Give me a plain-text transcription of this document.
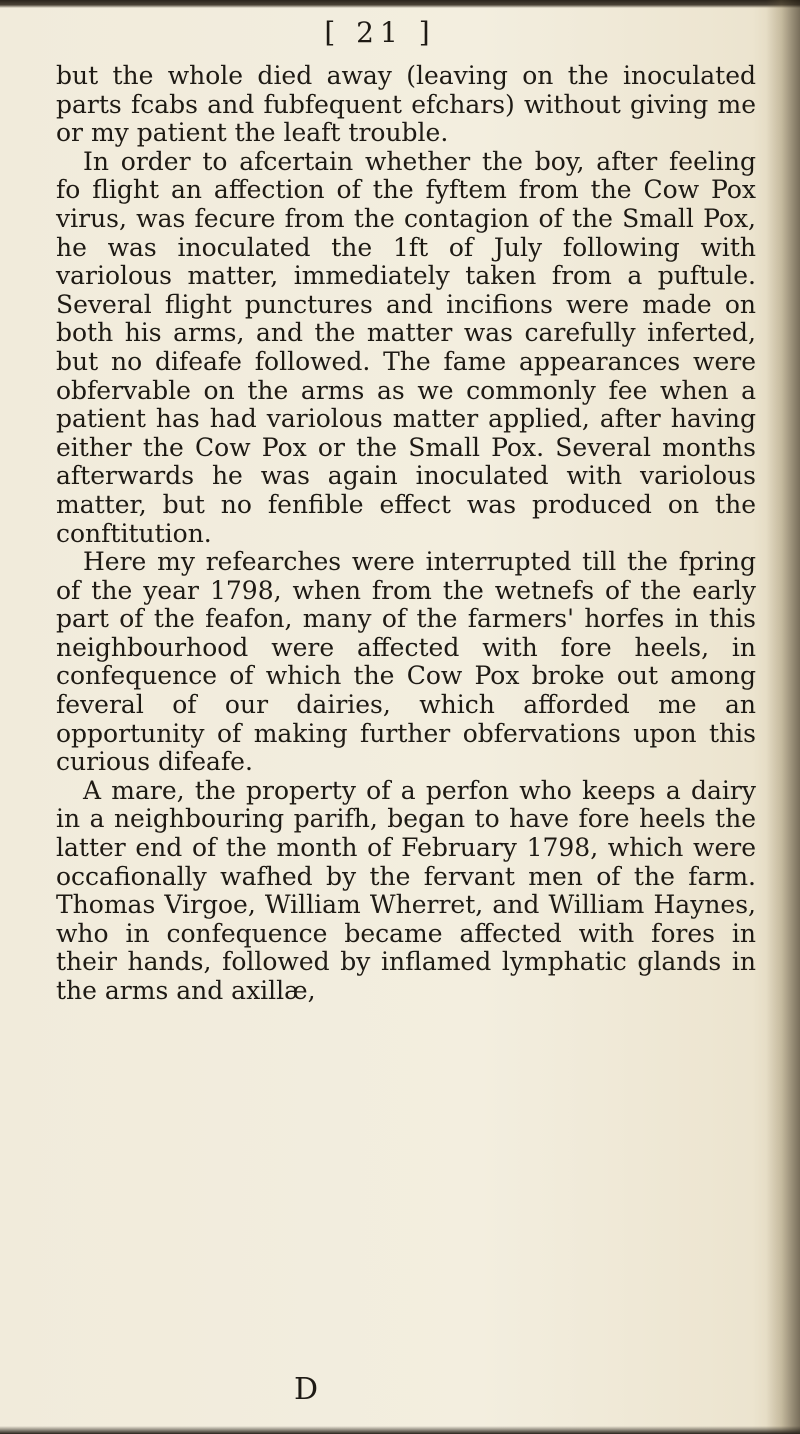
[ 21 ]

but the whole died away (leaving on the inoculated parts fcabs and fubfequent efchars) without giving me or my patient the leaft trouble.

In order to afcertain whether the boy, after feeling fo flight an affection of the fyftem from the Cow Pox virus, was fecure from the contagion of the Small Pox, he was inoculated the 1ft of July following with variolous matter, immediately taken from a puftule. Several flight punctures and incifions were made on both his arms, and the matter was carefully inferted, but no difeafe followed. The fame appearances were obfervable on the arms as we commonly fee when a patient has had variolous matter applied, after having either the Cow Pox or the Small Pox. Several months afterwards he was again inoculated with variolous matter, but no fenfible effect was produced on the conftitution.

Here my refearches were interrupted till the fpring of the year 1798, when from the wetnefs of the early part of the feafon, many of the farmers' horfes in this neighbourhood were affected with fore heels, in confequence of which the Cow Pox broke out among feveral of our dairies, which afforded me an opportunity of making further obfervations upon this curious difeafe.

A mare, the property of a perfon who keeps a dairy in a neighbouring parifh, began to have fore heels the latter end of the month of February 1798, which were occafionally wafhed by the fervant men of the farm. Thomas Virgoe, William Wherret, and William Haynes, who in confequence became affected with fores in their hands, followed by inflamed lymphatic glands in the arms and axillæ,

D
